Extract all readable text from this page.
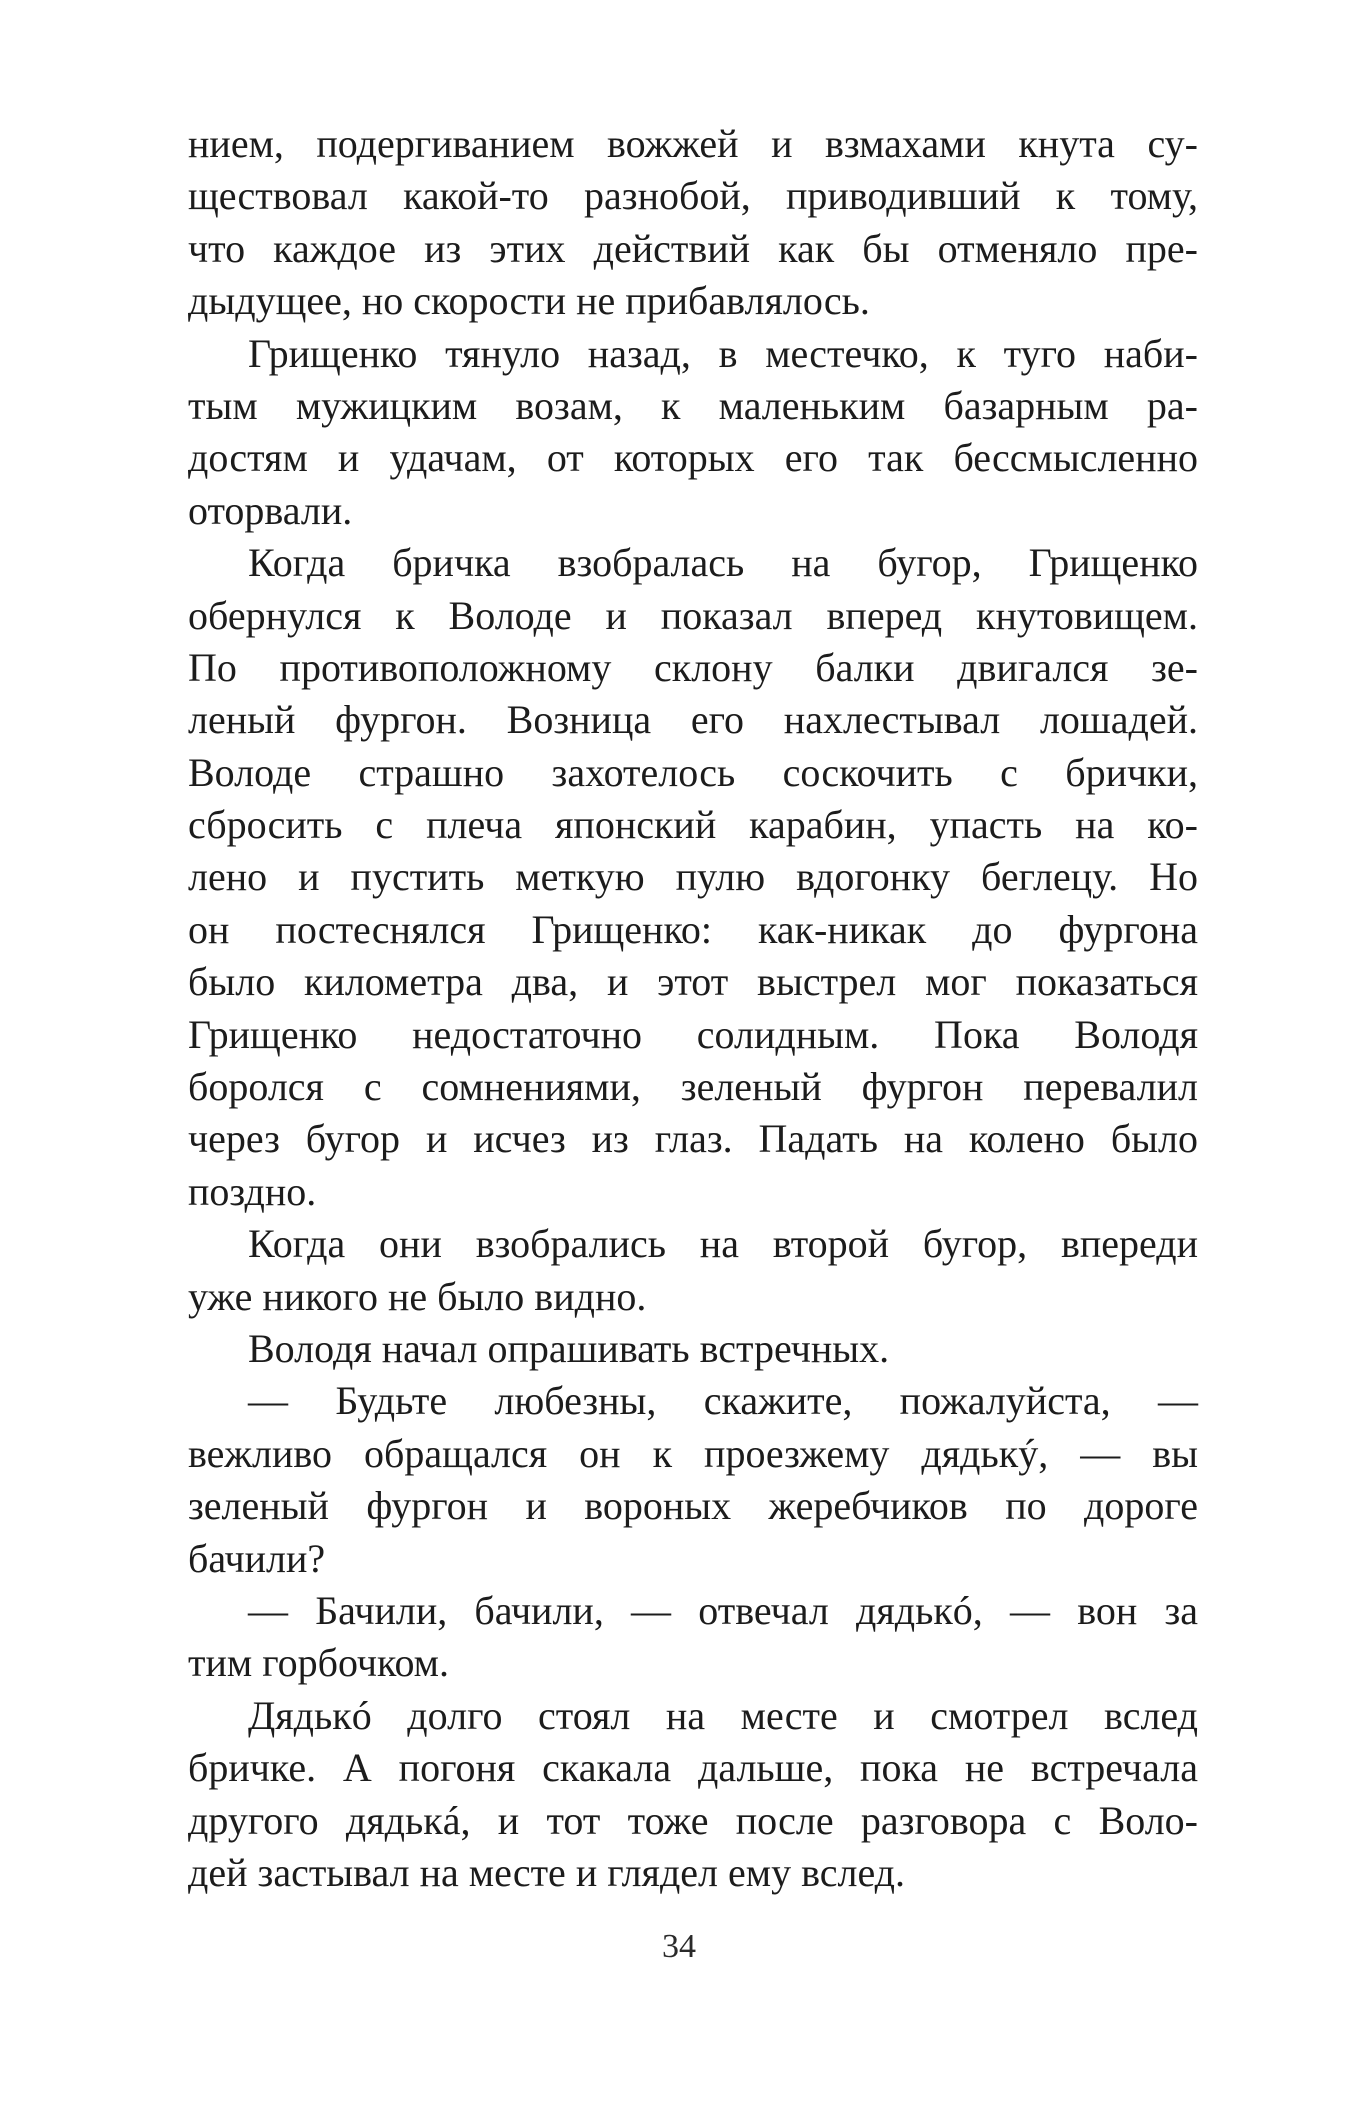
нием, подергиванием вожжей и взмахами кнута су-
ществовал какой-то разнобой, приводивший к тому,
что каждое из этих действий как бы отменяло пре-
дыдущее, но скорости не прибавлялось.
Грищенко тянуло назад, в местечко, к туго наби-
тым мужицким возам, к маленьким базарным ра-
достям и удачам, от которых его так бессмысленно
оторвали.
Когда бричка взобралась на бугор, Грищенко
обернулся к Володе и показал вперед кнутовищем.
По противоположному склону балки двигался зе-
леный фургон. Возница его нахлестывал лошадей.
Володе страшно захотелось соскочить с брички,
сбросить с плеча японский карабин, упасть на ко-
лено и пустить меткую пулю вдогонку беглецу. Но
он постеснялся Грищенко: как-никак до фургона
было километра два, и этот выстрел мог показаться
Грищенко недостаточно солидным. Пока Володя
боролся с сомнениями, зеленый фургон перевалил
через бугор и исчез из глаз. Падать на колено было
поздно.
Когда они взобрались на второй бугор, впереди
уже никого не было видно.
Володя начал опрашивать встречных.
— Будьте любезны, скажите, пожалуйста, —
вежливо обращался он к проезжему дядькý, — вы
зеленый фургон и вороных жеребчиков по дороге
бачили?
— Бачили, бачили, — отвечал дядькó, — вон за
тим горбочком.
Дядькó долго стоял на месте и смотрел вслед
бричке. А погоня скакала дальше, пока не встречала
другого дядькá, и тот тоже после разговора с Воло-
дей застывал на месте и глядел ему вслед.
34
